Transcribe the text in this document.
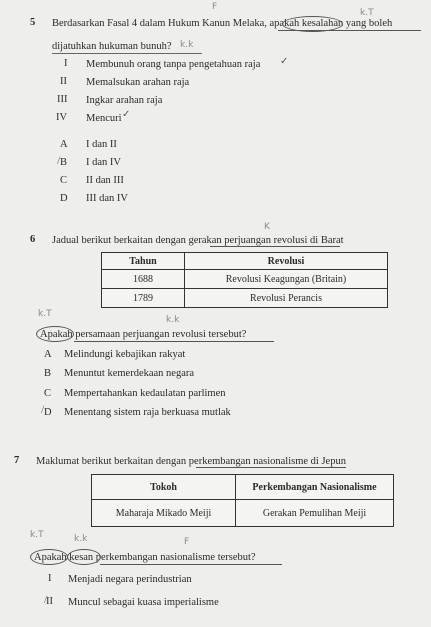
F
k.T
5 Berdasarkan Fasal 4 dalam Hukum Kanun Melaka, apakah kesalahan yang boleh
dijatuhkan hukuman bunuh? k.k
I Membunuh orang tanpa pengetahuan raja ✓
II Memalsukan arahan raja
III Ingkar arahan raja
IV Mencuri ✓
A I dan II
B
/ I dan IV
C II dan III
D III dan IV
K
6 Jadual berikut berkaitan dengan gerakan perjuangan revolusi di Barat
Tahun	Revolusi
1688	Revolusi Keagungan (Britain)
1789	Revolusi Perancis
k.T
k.k
Apakah persamaan perjuangan revolusi tersebut?
A Melindungi kebajikan rakyat
B Menuntut kemerdekaan negara
C Mempertahankan kedaulatan parlimen
D
/ Menentang sistem raja berkuasa mutlak
7 Maklumat berikut berkaitan dengan perkembangan nasionalisme di Jepun
Tokoh	Perkembangan Nasionalisme
Maharaja Mikado Meiji	Gerakan Pemulihan Meiji
k.T	k.k	F
Apakah kesan perkembangan nasionalisme tersebut?
I Menjadi negara perindustrian
II
/ Muncul sebagai kuasa imperialisme
